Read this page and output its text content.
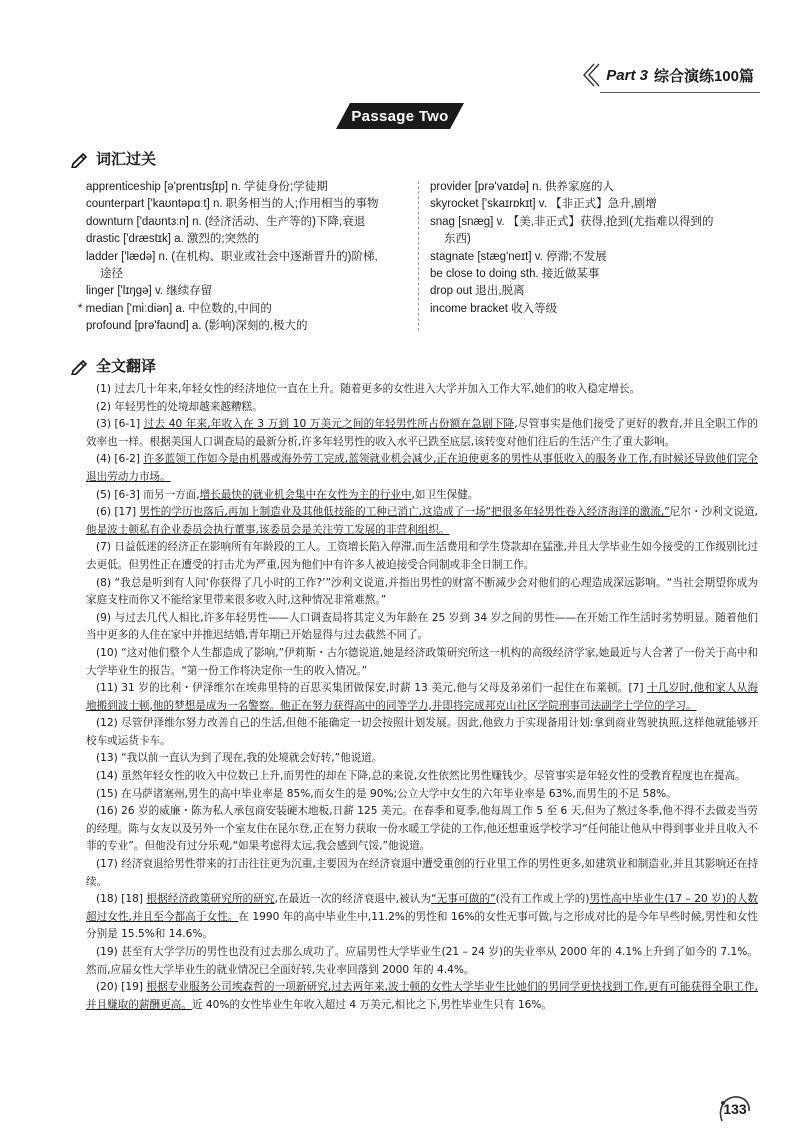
Part 3 综合演练100篇
Passage Two
词汇过关

apprenticeship [ə'prentɪsʃɪp] n. 学徒身份;学徒期

counterpart ['kaʊntəpɑːt] n. 职务相当的人;作用相当的事物

downturn ['daʊntɜːn] n. (经济活动、生产等的)下降,衰退

drastic ['dræstɪk] a. 激烈的;突然的

ladder ['lædə] n. (在机构、职业或社会中逐渐晋升的)阶梯,

途径

linger ['lɪŋgə] v. 继续存留

* median ['miːdiən] a. 中位数的,中间的

profound [prə'faʊnd] a. (影响)深刻的,极大的

provider [prə'vaɪdə] n. 供养家庭的人

skyrocket ['skaɪrɒkɪt] v. 【非正式】急升,剧增

snag [snæg] v. 【美,非正式】获得,抢到(尤指难以得到的

东西)

stagnate [stæg'neɪt] v. 停滞;不发展

be close to doing sth. 接近做某事

drop out 退出,脱离

income bracket 收入等级

全文翻译

(1) 过去几十年来,年轻女性的经济地位一直在上升。随着更多的女性进入大学并加入工作大军,她们的收入稳定增长。

(2) 年轻男性的处境却越来越糟糕。

(3) [6-1] 过去 40 年来,年收入在 3 万到 10 万美元之间的年轻男性所占份额在急剧下降,尽管事实是他们接受了更好的教育,并且全职工作的效率也一样。根据美国人口调查局的最新分析,许多年轻男性的收入水平已跌至底层,该转变对他们往后的生活产生了重大影响。

(4) [6-2] 许多蓝领工作如今是由机器或海外劳工完成,蓝领就业机会减少,正在迫使更多的男性从事低收入的服务业工作,有时候还导致他们完全退出劳动力市场。

(5) [6-3] 而另一方面,增长最快的就业机会集中在女性为主的行业中,如卫生保健。

(6) [17] 男性的学历也落后,再加上制造业及其他低技能的工种已消亡,这造成了一场“把很多年轻男性卷入经济海洋的激流,”尼尔・沙利文说道,他是波士顿私有企业委员会执行董事,该委员会是关注劳工发展的非营利组织。

(7) 日益低迷的经济正在影响所有年龄段的工人。工资增长陷入停滞,而生活费用和学生贷款却在猛涨,并且大学毕业生如今接受的工作级别比过去更低。但男性正在遭受的打击尤为严重,因为他们中有许多人被迫接受合同制或非全日制工作。

(8) “我总是听到有人问‘你获得了几小时的工作?’”沙利文说道,并指出男性的财富不断减少会对他们的心理造成深远影响。“当社会期望你成为家庭支柱而你又不能给家里带来很多收入时,这种情况非常难熬。”

(9) 与过去几代人相比,许多年轻男性——人口调查局将其定义为年龄在 25 岁到 34 岁之间的男性——在开始工作生活时劣势明显。随着他们当中更多的人住在家中并推迟结婚,青年期已开始显得与过去截然不同了。

(10) “这对他们整个人生都造成了影响,”伊莉斯・古尔德说道,她是经济政策研究所这一机构的高级经济学家,她最近与人合著了一份关于高中和大学毕业生的报告。“第一份工作将决定你一生的收入情况。”

(11) 31 岁的比利・伊泽维尔在埃弗里特的百思买集团做保安,时薪 13 美元,他与父母及弟弟们一起住在布莱顿。[7] 十几岁时,他和家人从海地搬到波士顿,他的梦想是成为一名警察。他正在努力获得高中的同等学力,并即将完成邦克山社区学院刑事司法副学士学位的学习。

(12) 尽管伊泽维尔努力改善自己的生活,但他不能确定一切会按照计划发展。因此,他致力于实现备用计划:拿到商业驾驶执照,这样他就能够开校车或运货卡车。

(13) “我以前一直认为到了现在,我的处境就会好转,”他说道。

(14) 虽然年轻女性的收入中位数已上升,而男性的却在下降,总的来说,女性依然比男性赚钱少。尽管事实是年轻女性的受教育程度也在提高。

(15) 在马萨诸塞州,男生的高中毕业率是 85%,而女生的是 90%;公立大学中女生的六年毕业率是 63%,而男生的不足 58%。

(16) 26 岁的威廉・陈为私人承包商安装硬木地板,日薪 125 美元。在春季和夏季,他每周工作 5 至 6 天,但为了熬过冬季,他不得不去做麦当劳的经理。陈与女友以及另外一个室友住在昆尔登,正在努力获取一份水暖工学徒的工作,他还想重返学校学习“任何能让他从中得到事业并且收入不菲的专业”。但他没有过分乐观,“如果考虑得太远,我会感到气馁,”他说道。

(17) 经济衰退给男性带来的打击往往更为沉重,主要因为在经济衰退中遭受重创的行业里工作的男性更多,如建筑业和制造业,并且其影响还在持续。

(18) [18] 根据经济政策研究所的研究,在最近一次的经济衰退中,被认为“无事可做的”(没有工作或上学的)男性高中毕业生(17 – 20 岁)的人数超过女性,并且至今都高于女性。在 1990 年的高中毕业生中,11.2%的男性和 16%的女性无事可做,与之形成对比的是今年早些时候,男性和女性分别是 15.5%和 14.6%。

(19) 甚至有大学学历的男性也没有过去那么成功了。应届男性大学毕业生(21 – 24 岁)的失业率从 2000 年的 4.1%上升到了如今的 7.1%。然而,应届女性大学毕业生的就业情况已全面好转,失业率回落到 2000 年的 4.4%。

(20) [19] 根据专业服务公司埃森哲的一项新研究,过去两年来,波士顿的女性大学毕业生比她们的男同学更快找到工作,更有可能获得全职工作,并且赚取的薪酬更高。近 40%的女性毕业生年收入超过 4 万美元,相比之下,男性毕业生只有 16%。

133
